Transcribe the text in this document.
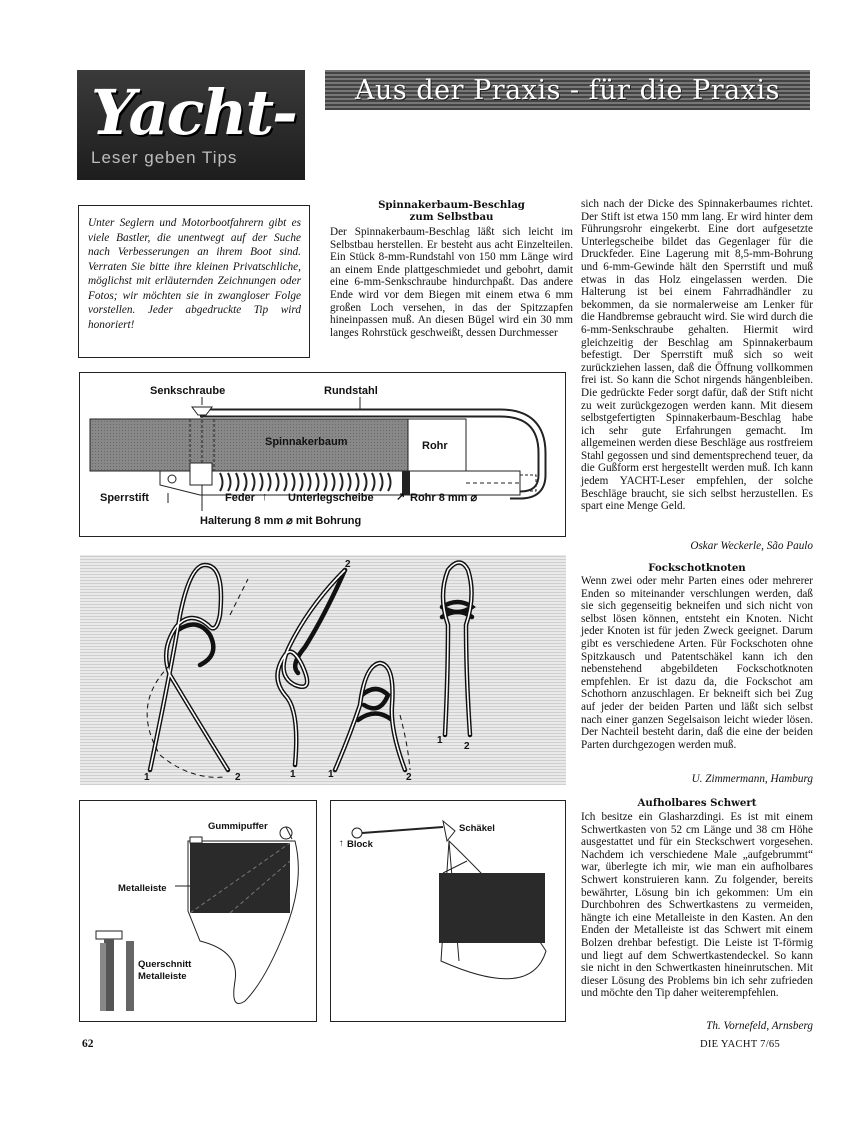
Yacht-
Leser geben Tips
Aus der Praxis - für die Praxis

Unter Seglern und Motorbootfahrern gibt es viele Bastler, die unentwegt auf der Suche nach Verbesserungen an ihrem Boot sind. Verraten Sie bitte ihre kleinen Privatschliche, möglichst mit erläuternden Zeichnungen oder Fotos; wir möchten sie in zwangloser Folge vorstellen. Jeder abgedruckte Tip wird honoriert!

Spinnakerbaum-Beschlag
zum Selbstbau
Der Spinnakerbaum-Beschlag läßt sich leicht im Selbstbau herstellen. Er besteht aus acht Einzelteilen. Ein Stück 8-mm-Rundstahl von 150 mm Länge wird an einem Ende plattgeschmiedet und gebohrt, damit eine 6-mm-Senkschraube hindurchpaßt. Das andere Ende wird vor dem Biegen mit einem etwa 6 mm großen Loch versehen, in das der Spitzzapfen hineinpassen muß. An diesen Bügel wird ein 30 mm langes Rohrstück geschweißt, dessen Durchmesser
sich nach der Dicke des Spinnakerbaumes richtet. Der Stift ist etwa 150 mm lang. Er wird hinter dem Führungsrohr eingekerbt. Eine dort aufgesetzte Unterlegscheibe bildet das Gegenlager für die Druckfeder. Eine Lagerung mit 8,5-mm-Bohrung und 6-mm-Gewinde hält den Sperrstift und muß etwas in das Holz eingelassen werden. Die Halterung ist bei einem Fahrradhändler zu bekommen, da sie normalerweise am Lenker für die Handbremse gebraucht wird. Sie wird durch die 6-mm-Senkschraube gehalten. Hiermit wird gleichzeitig der Beschlag am Spinnakerbaum befestigt. Der Sperrstift muß sich so weit zurückziehen lassen, daß die Öffnung vollkommen frei ist. So kann die Schot nirgends hängenbleiben. Die gedrückte Feder sorgt dafür, daß der Stift nicht zu weit zurückgezogen werden kann. Mit diesem selbstgefertigten Spinnakerbaum-Beschlag habe ich sehr gute Erfahrungen gemacht. Im allgemeinen werden diese Beschläge aus rostfreiem Stahl gegossen und sind dementsprechend teuer, da die Gußform erst hergestellt werden muß. Ich kann jedem YACHT-Leser empfehlen, der solche Beschläge braucht, sie sich selbst herzustellen. Es spart eine Menge Geld.
Oskar Weckerle, São Paulo
Fockschotknoten
Wenn zwei oder mehr Parten eines oder mehrerer Enden so miteinander verschlungen werden, daß sie sich gegenseitig bekneifen und sich nicht von selbst lösen können, entsteht ein Knoten. Nicht jeder Knoten ist für jeden Zweck geeignet. Darum gibt es verschiedene Arten. Für Fockschoten ohne Spitzkausch und Patentschäkel kann ich den nebenstehend abgebildeten Fockschotknoten empfehlen. Er ist dazu da, die Fockschot am Schothorn anzuschlagen. Er bekneift sich bei Zug auf jeder der beiden Parten und läßt sich selbst nach einer ganzen Segelsaison leicht wieder lösen. Der Nachteil besteht darin, daß die eine der beiden Parten durchgezogen werden muß.
U. Zimmermann, Hamburg
Aufholbares Schwert
Ich besitze ein Glasharzdingi. Es ist mit einem Schwertkasten von 52 cm Länge und 38 cm Höhe ausgestattet und für ein Steckschwert vorgesehen. Nachdem ich verschiedene Male „aufgebrummt“ war, überlegte ich mir, wie man ein aufholbares Schwert konstruieren kann. Zu folgender, bereits bewährter, Lösung bin ich gekommen: Um ein Durchbohren des Schwertkastens zu vermeiden, hängte ich eine Metalleiste in den Kasten. An den Enden der Metalleiste ist das Schwert mit einem Bolzen drehbar befestigt. Die Leiste ist T-förmig und liegt auf dem Schwertkastendeckel. So kann sie nicht in den Schwertkasten hineinrutschen. Mit dieser Lösung des Problems bin ich sehr zufrieden und möchte den Tip daher weiterempfehlen.
Th. Vornefeld, Arnsberg
Senkschraube	Rundstahl
Spinnakerbaum	Rohr
Sperrstift	Feder ↑ Unterlegscheibe ↗ Rohr 8 mm ⌀
Halterung 8 mm ⌀ mit Bohrung
1	2
2
1	1	2
1
2
Gummipuffer
Metalleiste
Querschnitt
Metalleiste
Block
↑
Schäkel
62	DIE YACHT 7/65
